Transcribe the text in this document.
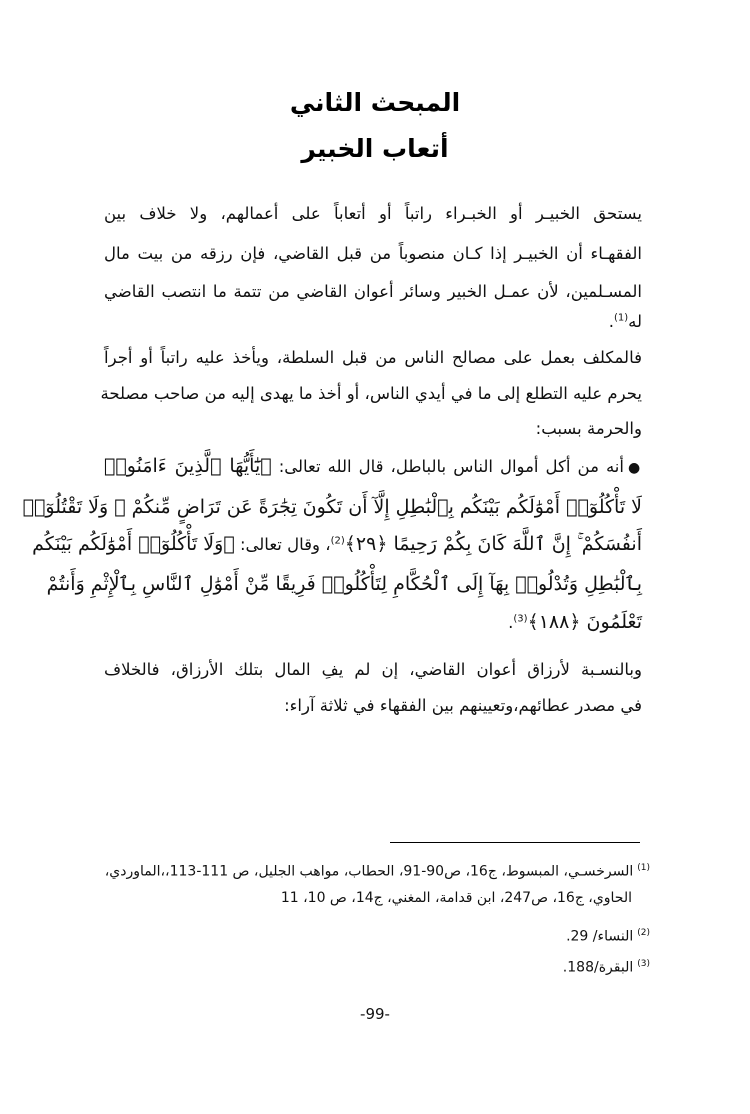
المبحث الثاني
أتعاب الخبير
يستحق الخبيـر أو الخبـراء راتباً أو أتعاباً على أعمالهم، ولا خلاف بين
الفقهـاء أن الخبيـر إذا كـان منصوباً من قبل القاضي، فإن رزقه من بيت مال
المسـلمين، لأن عمـل الخبير وسائر أعوان القاضي من تتمة ما انتصب القاضي
له$^{(1)}$.
فالمكلف بعمل على مصالح الناس من قبل السلطة، ويأخذ عليه راتباً أو أجراً
يحرم عليه التطلع إلى ما في أيدي الناس، أو أخذ ما يهدى إليه من صاحب مصلحة
والحرمة بسبب:
●أنه من أكل أموال الناس بالباطل، قال الله تعالى: ﴿يَٰٓأَيُّهَا ٱلَّذِينَ ءَامَنُوا۟
لَا تَأْكُلُوٓا۟ أَمْوَٰلَكُم بَيْنَكُم بِٱلْبَٰطِلِ إِلَّآ أَن تَكُونَ تِجَٰرَةً عَن تَرَاضٍ مِّنكُمْ ۚ وَلَا تَقْتُلُوٓا۟
أَنفُسَكُمْ ۚ إِنَّ ٱللَّهَ كَانَ بِكُمْ رَحِيمًا ﴿٢٩﴾$^{(2)}$، وقال تعالى: ﴿وَلَا تَأْكُلُوٓا۟ أَمْوَٰلَكُم بَيْنَكُم
بِٱلْبَٰطِلِ وَتُدْلُوا۟ بِهَآ إِلَى ٱلْحُكَّامِ لِتَأْكُلُوا۟ فَرِيقًا مِّنْ أَمْوَٰلِ ٱلنَّاسِ بِٱلْإِثْمِ وَأَنتُمْ
تَعْلَمُونَ ﴿١٨٨﴾$^{(3)}$.
وبالنسـبة لأرزاق أعوان القاضي، إن لم يفِ المال بتلك الأرزاق، فالخلاف
في مصدر عطائهم،وتعيينهم بين الفقهاء في ثلاثة آراء:
$^{(1)}$السرخسـي، المبسوط، ج16، ص90-91، الحطاب، مواهب الجليل، ص 111-113،،الماوردي،
الحاوي، ج16، ص247، ابن قدامة، المغني، ج14، ص 10، 11
$^{(2)}$النساء/ 29.
$^{(3)}$البقرة/188.
-99-
